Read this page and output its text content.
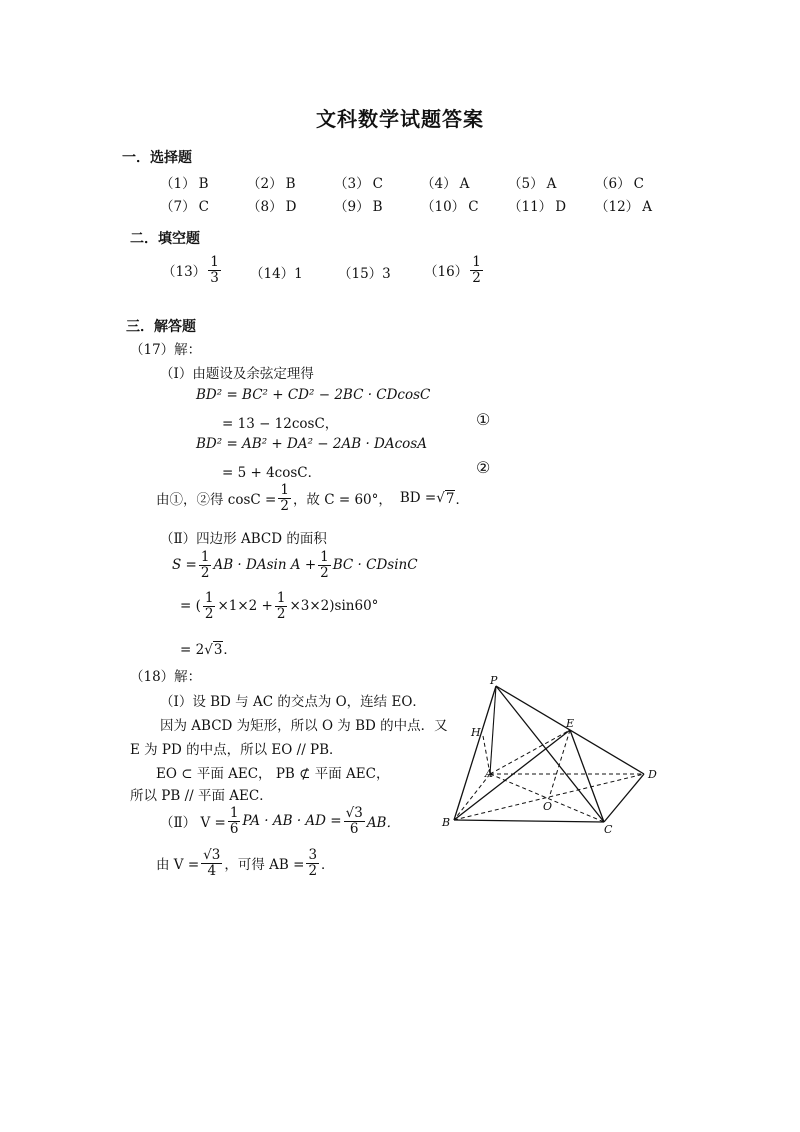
文科数学试题答案
一．选择题
（1） B	（2） B	（3） C	（4） A	（5） A	（6） C
（7） C	（8） D	（9） B	（10） C （11） D （12） A
二．填空题
$(13) \frac{1}{3} (14)1$	（15）3 $(16) \frac{1}{2}$
三．解答题
（17）解：
（Ⅰ）由题设及余弦定理得
BD² = BC² + CD² − 2BC · CDcosC
= 13 − 12cosC，	①
BD² = AB² + DA² − 2AB · DAcosA
= 5 + 4cosC．	②
由①，②得 $\cos C = \frac{1}{2}$ ，故 C = 60°， BD = √ 7 ．
（Ⅱ）四边形 ABCD 的面积
$S = \frac{1}{2}$ AB · DAsin $A + \frac{1}{2}$ BC · CDsinC
= ( $\frac{1}{2} \times 1\times 2 + \frac{1}{2} \times 3\times 2)\sin 60^\circ$
= 2√3．
（18）解：
（Ⅰ）设 BD 与 AC 的交点为 O，连结 EO．
因为 ABCD 为矩形，所以 O 为 BD 的中点．又
E 为 PD 的中点，所以 EO // PB．
EO ⊂ 平面 AEC， PB ⊄ 平面 AEC，
所以 PB // 平面 AEC．
（Ⅱ） $V = \frac{1}{6}$ PA · AB · AD = $\frac{√3}{6}$ AB．
由 $V = \frac{√3}{4}$ ，可得 AB = $\frac{3}{2}$ ．
P
H
E
A	D
O
B
C
